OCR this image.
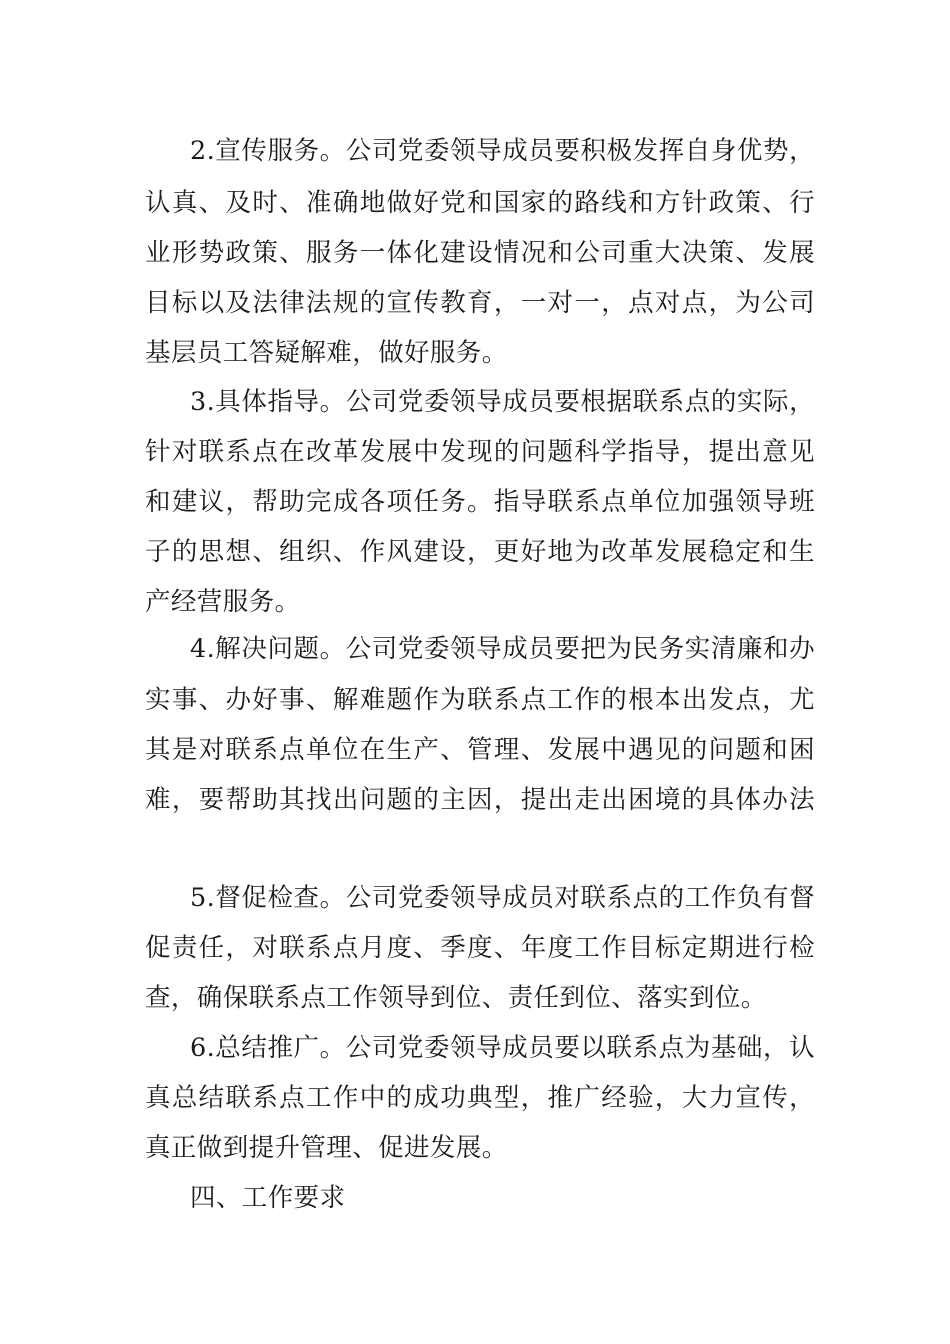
2.宣传服务。公司党委领导成员要积极发挥自身优势，
认真、及时、准确地做好党和国家的路线和方针政策、行
业形势政策、服务一体化建设情况和公司重大决策、发展
目标以及法律法规的宣传教育，一对一，点对点，为公司
基层员工答疑解难，做好服务。
3.具体指导。公司党委领导成员要根据联系点的实际，
针对联系点在改革发展中发现的问题科学指导，提出意见
和建议，帮助完成各项任务。指导联系点单位加强领导班
子的思想、组织、作风建设，更好地为改革发展稳定和生
产经营服务。
4.解决问题。公司党委领导成员要把为民务实清廉和办
实事、办好事、解难题作为联系点工作的根本出发点，尤
其是对联系点单位在生产、管理、发展中遇见的问题和困
难，要帮助其找出问题的主因，提出走出困境的具体办法
5.督促检查。公司党委领导成员对联系点的工作负有督
促责任，对联系点月度、季度、年度工作目标定期进行检
查，确保联系点工作领导到位、责任到位、落实到位。
6.总结推广。公司党委领导成员要以联系点为基础，认
真总结联系点工作中的成功典型，推广经验，大力宣传，
真正做到提升管理、促进发展。
四、工作要求
